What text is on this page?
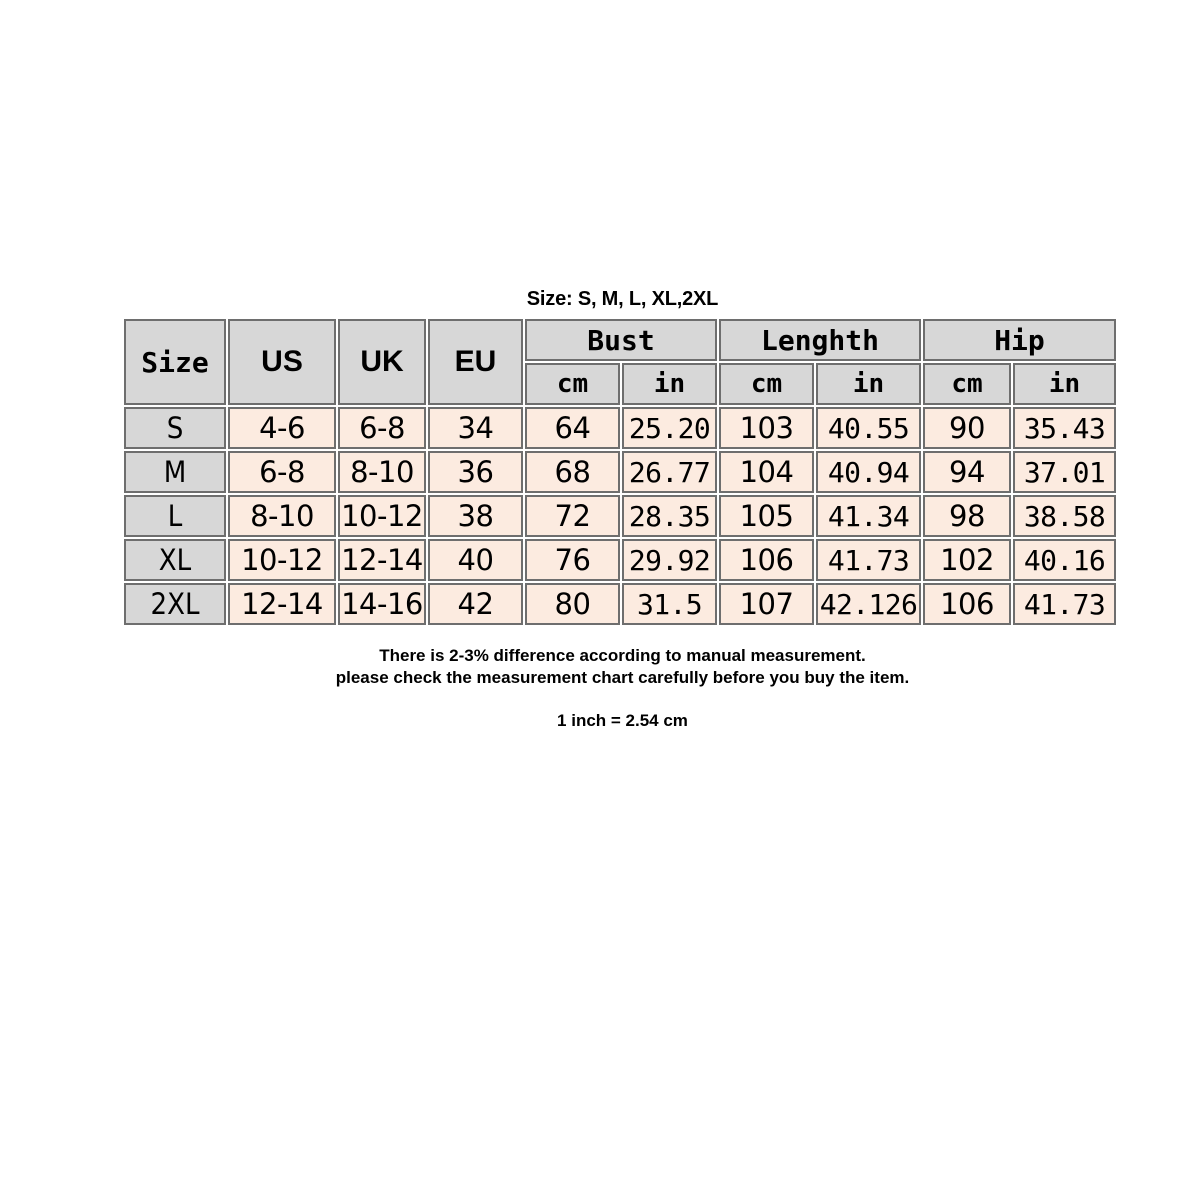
Size: S, M, L, XL,2XL
Size	US	UK	EU	Bust		Lenghth		Hip	
				cm	in	cm	in	cm	in
S	4-6	6-8	34	64	25.20	103	40.55	90	35.43
M	6-8	8-10	36	68	26.77	104	40.94	94	37.01
L	8-10	10-12	38	72	28.35	105	41.34	98	38.58
XL	10-12	12-14	40	76	29.92	106	41.73	102	40.16
2XL	12-14	14-16	42	80	31.5	107	42.126	106	41.73
There is 2-3% difference according to manual measurement.
please check the measurement chart carefully before you buy the item.
1 inch = 2.54 cm
